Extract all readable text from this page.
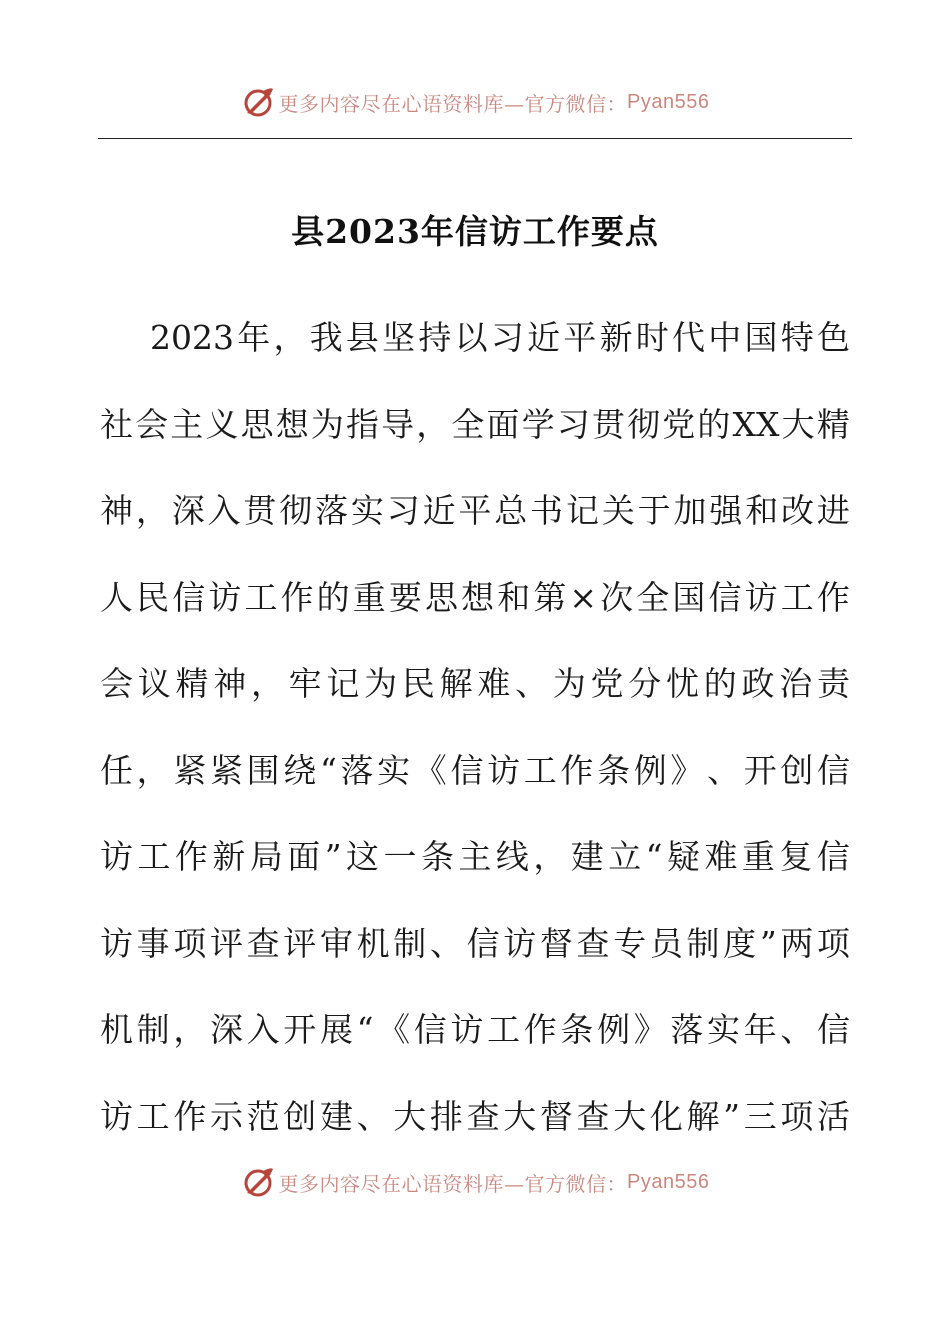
更多内容尽在心语资料库—官方微信： Pyan556
县2023年信访工作要点
2023 年 ， 我 县 坚 持 以 习 近 平 新 时 代 中 国 特 色
社 会 主 义 思 想 为 指 导 ， 全 面 学 习 贯 彻 党 的 XX 大 精
神 ， 深 入 贯 彻 落 实 习 近 平 总 书 记 关 于 加 强 和 改 进
人 民 信 访 工 作 的 重 要 思 想 和 第 × 次 全 国 信 访 工 作
会 议 精 神 ， 牢 记 为 民 解 难 、 为 党 分 忧 的 政 治 责
任 ， 紧 紧 围 绕 “ 落 实 《 信 访 工 作 条 例 》 、 开 创 信
访 工 作 新 局 面 ” 这 一 条 主 线 ， 建 立 “ 疑 难 重 复 信
访 事 项 评 查 评 审 机 制 、 信 访 督 查 专 员 制 度 ” 两 项
机 制 ， 深 入 开 展 “ 《 信 访 工 作 条 例 》 落 实 年 、 信
访 工 作 示 范 创 建 、 大 排 查 大 督 查 大 化 解 ” 三 项 活
更多内容尽在心语资料库—官方微信： Pyan556
